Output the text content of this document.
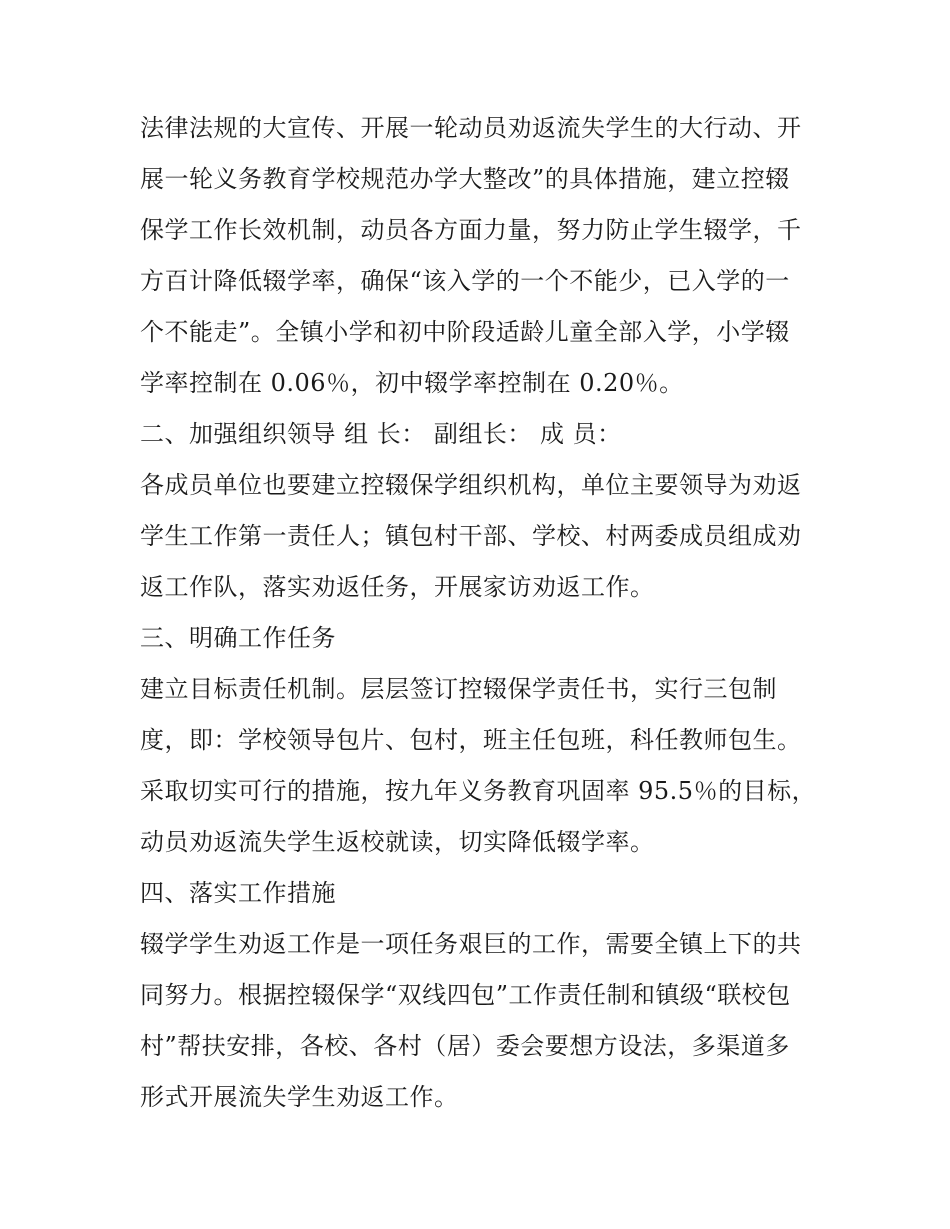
法律法规的大宣传、开展一轮动员劝返流失学生的大行动、开
展一轮义务教育学校规范办学大整改”的具体措施，建立控辍
保学工作长效机制，动员各方面力量，努力防止学生辍学，千
方百计降低辍学率，确保“该入学的一个不能少，已入学的一
个不能走”。全镇小学和初中阶段适龄儿童全部入学，小学辍
学率控制在 0.06％，初中辍学率控制在 0.20％。
二、加强组织领导 组 长： 副组长： 成 员：
各成员单位也要建立控辍保学组织机构，单位主要领导为劝返
学生工作第一责任人；镇包村干部、学校、村两委成员组成劝
返工作队，落实劝返任务，开展家访劝返工作。
三、明确工作任务
建立目标责任机制。层层签订控辍保学责任书，实行三包制
度，即：学校领导包片、包村，班主任包班，科任教师包生。
采取切实可行的措施，按九年义务教育巩固率 95.5％的目标，
动员劝返流失学生返校就读，切实降低辍学率。
四、落实工作措施
辍学学生劝返工作是一项任务艰巨的工作，需要全镇上下的共
同努力。根据控辍保学“双线四包”工作责任制和镇级“联校包
村”帮扶安排，各校、各村（居）委会要想方设法，多渠道多
形式开展流失学生劝返工作。
